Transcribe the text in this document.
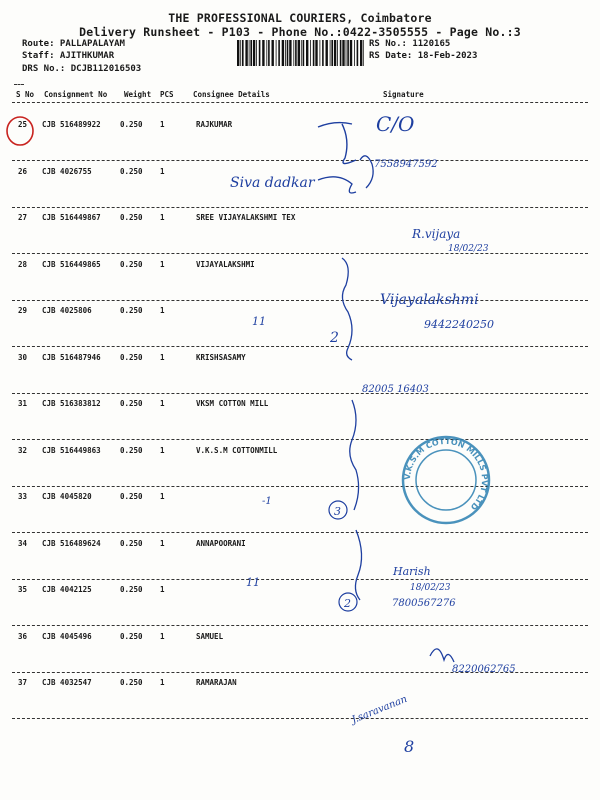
THE PROFESSIONAL COURIERS, Coimbatore
Delivery Runsheet - P103 - Phone No.:0422-3505555 - Page No.:3
Route: PALLAPALAYAM
Staff: AJITHKUMAR
DRS No.: DCJB112016503
RS No.: 1120165
RS Date: 18-Feb-2023
S No Consignment No Weight PCS	Consignee Details	Signature
25 CJB 516489922	0.250 1	RAJKUMAR
26 CJB 4026755	0.250 1
27 CJB 516449867	0.250 1	SREE VIJAYALAKSHMI TEX
28 CJB 516449865	0.250 1	VIJAYALAKSHMI
29 CJB 4025806	0.250 1
30 CJB 516487946	0.250 1	KRISHSASAMY
31 CJB 516383812	0.250 1	VKSM COTTON MILL
32 CJB 516449863	0.250 1	V.K.S.M COTTONMILL
33 CJB 4045820	0.250 1
34 CJB 516489624	0.250 1	ANNAPOORANI
35 CJB 4042125	0.250 1
36 CJB 4045496	0.250 1	SAMUEL
37 CJB 4032547	0.250 1	RAMARAJAN
C/O
Siva dadkar
7558947592
R.vijaya
18/02/23
Vijayalakshmi
9442240250
11
2
82005 16403
-1
3
Harish
18/02/23
7800567276
11
2
8220062765
J.saravanan
8
V.K.S.M COTTON MILLS PVT LTD
